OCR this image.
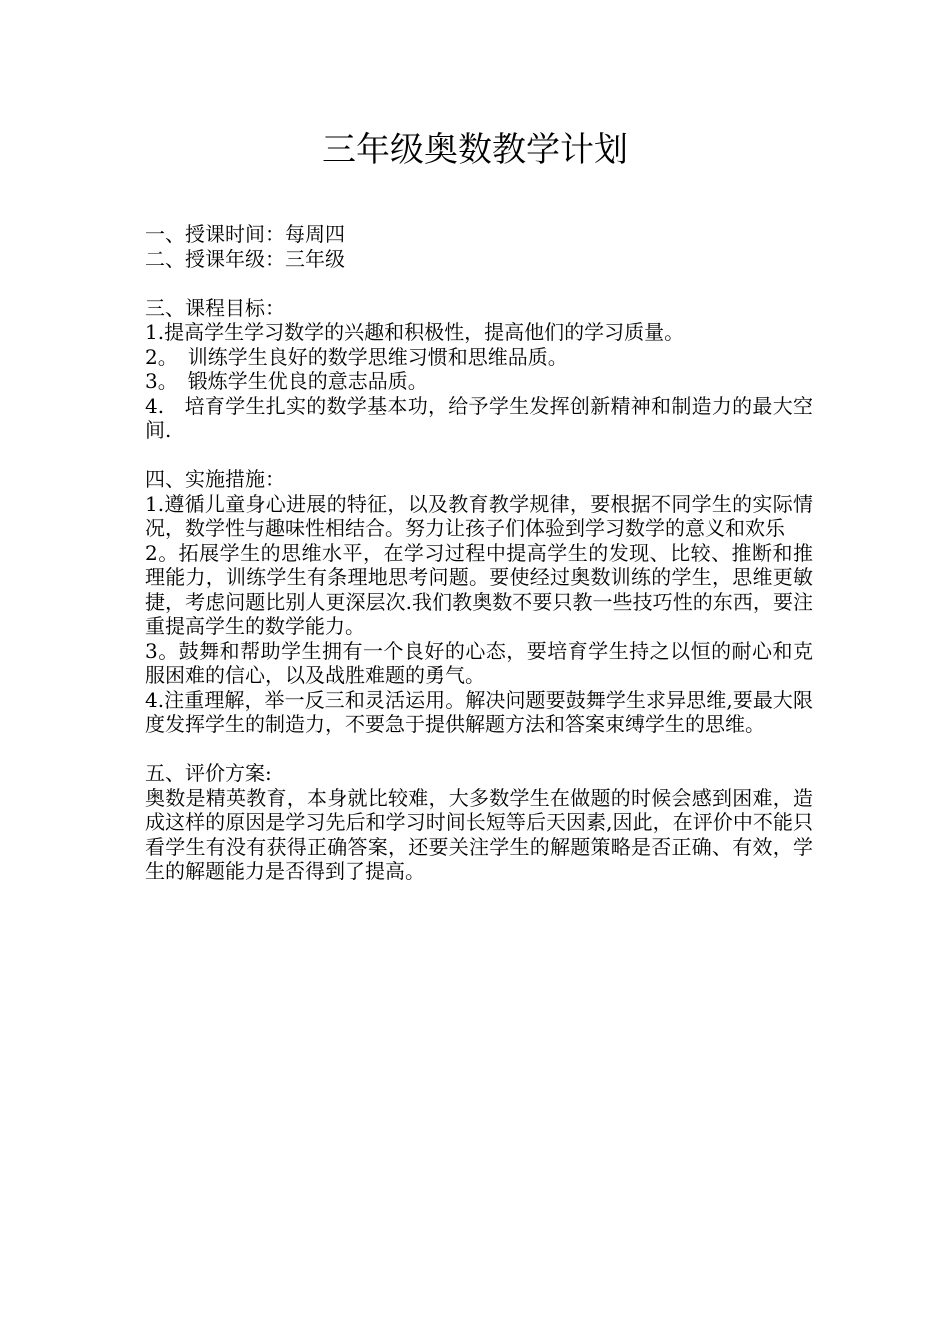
三年级奥数教学计划
一、授课时间：每周四
二、授课年级：三年级
三、课程目标：
1.提高学生学习数学的兴趣和积极性，提高他们的学习质量。
2。　训练学生良好的数学思维习惯和思维品质。
3。　锻炼学生优良的意志品质。
4.　培育学生扎实的数学基本功，给予学生发挥创新精神和制造力的最大空间.
四、实施措施：
1.遵循儿童身心进展的特征，以及教育教学规律，要根据不同学生的实际情况，数学性与趣味性相结合。努力让孩子们体验到学习数学的意义和欢乐
2。拓展学生的思维水平，在学习过程中提高学生的发现、比较、推断和推理能力，训练学生有条理地思考问题。要使经过奥数训练的学生，思维更敏捷，考虑问题比别人更深层次.我们教奥数不要只教一些技巧性的东西，要注重提高学生的数学能力。
3。鼓舞和帮助学生拥有一个良好的心态，要培育学生持之以恒的耐心和克服困难的信心，以及战胜难题的勇气。
4.注重理解，举一反三和灵活运用。解决问题要鼓舞学生求异思维,要最大限度发挥学生的制造力，不要急于提供解题方法和答案束缚学生的思维。
五、评价方案:
奥数是精英教育，本身就比较难，大多数学生在做题的时候会感到困难，造成这样的原因是学习先后和学习时间长短等后天因素,因此，在评价中不能只看学生有没有获得正确答案，还要关注学生的解题策略是否正确、有效，学生的解题能力是否得到了提高。
